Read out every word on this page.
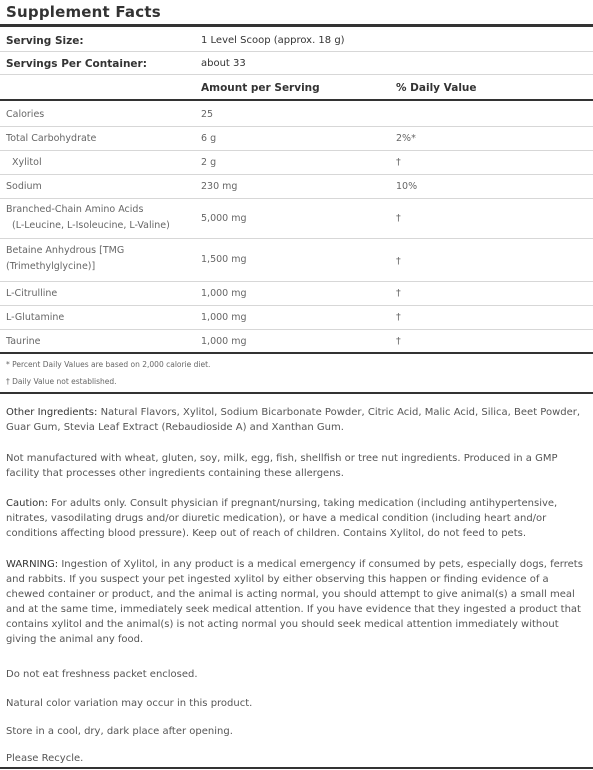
Supplement Facts
Serving Size:	1 Level Scoop (approx. 18 g)
Servings Per Container:	about 33
Amount per Serving	% Daily Value
Calories	25
Total Carbohydrate	6 g	2%*
Xylitol	2 g	†
Sodium	230 mg	10%
Branched-Chain Amino Acids
(L-Leucine, L-Isoleucine, L-Valine)
5,000 mg	†
Betaine Anhydrous [TMG
(Trimethylglycine)]
1,500 mg	†
L-Citrulline	1,000 mg	†
L-Glutamine	1,000 mg	†
Taurine	1,000 mg	†
* Percent Daily Values are based on 2,000 calorie diet.
† Daily Value not established.
Other Ingredients: Natural Flavors, Xylitol, Sodium Bicarbonate Powder, Citric Acid, Malic Acid, Silica, Beet Powder, Guar Gum, Stevia Leaf Extract (Rebaudioside A) and Xanthan Gum.
Not manufactured with wheat, gluten, soy, milk, egg, fish, shellfish or tree nut ingredients. Produced in a GMP facility that processes other ingredients containing these allergens.
Caution: For adults only. Consult physician if pregnant/nursing, taking medication (including antihypertensive, nitrates, vasodilating drugs and/or diuretic medication), or have a medical condition (including heart and/or conditions affecting blood pressure). Keep out of reach of children. Contains Xylitol, do not feed to pets.
WARNING: Ingestion of Xylitol, in any product is a medical emergency if consumed by pets, especially dogs, ferrets and rabbits. If you suspect your pet ingested xylitol by either observing this happen or finding evidence of a chewed container or product, and the animal is acting normal, you should attempt to give animal(s) a small meal and at the same time, immediately seek medical attention. If you have evidence that they ingested a product that contains xylitol and the animal(s) is not acting normal you should seek medical attention immediately without giving the animal any food.
Do not eat freshness packet enclosed.
Natural color variation may occur in this product.
Store in a cool, dry, dark place after opening.
Please Recycle.
